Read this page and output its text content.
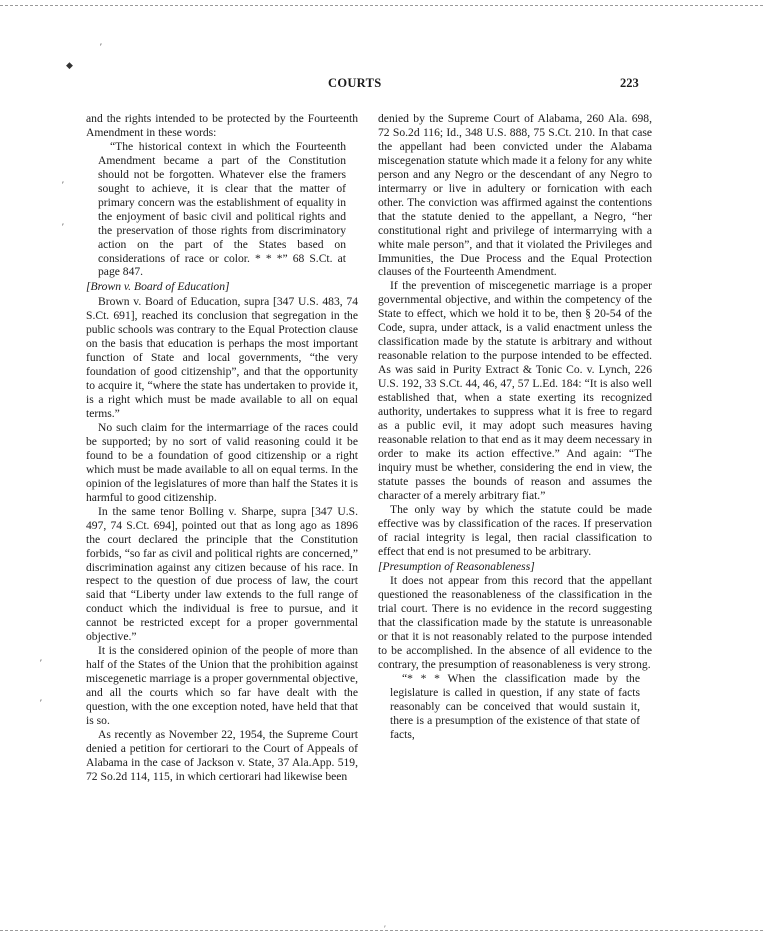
′
◆
′
′
′
′
COURTS	223

and the rights intended to be protected by the Fourteenth Amendment in these words:

“The historical context in which the Fourteenth Amendment became a part of the Constitution should not be forgotten. Whatever else the framers sought to achieve, it is clear that the matter of primary concern was the establishment of equality in the enjoyment of basic civil and political rights and the preservation of those rights from discriminatory action on the part of the States based on considerations of race or color. * * *” 68 S.Ct. at page 847.

[Brown v. Board of Education]

Brown v. Board of Education, supra [347 U.S. 483, 74 S.Ct. 691], reached its conclusion that segregation in the public schools was contrary to the Equal Protection clause on the basis that education is perhaps the most important function of State and local governments, “the very foundation of good citizenship”, and that the opportunity to acquire it, “where the state has undertaken to provide it, is a right which must be made available to all on equal terms.”

No such claim for the intermarriage of the races could be supported; by no sort of valid reasoning could it be found to be a foundation of good citizenship or a right which must be made available to all on equal terms. In the opinion of the legislatures of more than half the States it is harmful to good citizenship.

In the same tenor Bolling v. Sharpe, supra [347 U.S. 497, 74 S.Ct. 694], pointed out that as long ago as 1896 the court declared the principle that the Constitution forbids, “so far as civil and political rights are concerned,” discrimination against any citizen because of his race. In respect to the question of due process of law, the court said that “Liberty under law extends to the full range of conduct which the individual is free to pursue, and it cannot be restricted except for a proper governmental objective.”

It is the considered opinion of the people of more than half of the States of the Union that the prohibition against miscegenetic marriage is a proper governmental objective, and all the courts which so far have dealt with the question, with the one exception noted, have held that that is so.

As recently as November 22, 1954, the Supreme Court denied a petition for certiorari to the Court of Appeals of Alabama in the case of Jackson v. State, 37 Ala.App. 519, 72 So.2d 114, 115, in which certiorari had likewise been

denied by the Supreme Court of Alabama, 260 Ala. 698, 72 So.2d 116; Id., 348 U.S. 888, 75 S.Ct. 210. In that case the appellant had been convicted under the Alabama miscegenation statute which made it a felony for any white person and any Negro or the descendant of any Negro to intermarry or live in adultery or fornication with each other. The conviction was affirmed against the contentions that the statute denied to the appellant, a Negro, “her constitutional right and privilege of intermarrying with a white male person”, and that it violated the Privileges and Immunities, the Due Process and the Equal Protection clauses of the Fourteenth Amendment.

If the prevention of miscegenetic marriage is a proper governmental objective, and within the competency of the State to effect, which we hold it to be, then § 20-54 of the Code, supra, under attack, is a valid enactment unless the classification made by the statute is arbitrary and without reasonable relation to the purpose intended to be effected. As was said in Purity Extract & Tonic Co. v. Lynch, 226 U.S. 192, 33 S.Ct. 44, 46, 47, 57 L.Ed. 184: “It is also well established that, when a state exerting its recognized authority, undertakes to suppress what it is free to regard as a public evil, it may adopt such measures having reasonable relation to that end as it may deem necessary in order to make its action effective.” And again: “The inquiry must be whether, considering the end in view, the statute passes the bounds of reason and assumes the character of a merely arbitrary fiat.”

The only way by which the statute could be made effective was by classification of the races. If preservation of racial integrity is legal, then racial classification to effect that end is not presumed to be arbitrary.

[Presumption of Reasonableness]

It does not appear from this record that the appellant questioned the reasonableness of the classification in the trial court. There is no evidence in the record suggesting that the classification made by the statute is unreasonable or that it is not reasonably related to the purpose intended to be accomplished. In the absence of all evidence to the contrary, the presumption of reasonableness is very strong.

“* * * When the classification made by the legislature is called in question, if any state of facts reasonably can be conceived that would sustain it, there is a presumption of the existence of that state of facts,

′
